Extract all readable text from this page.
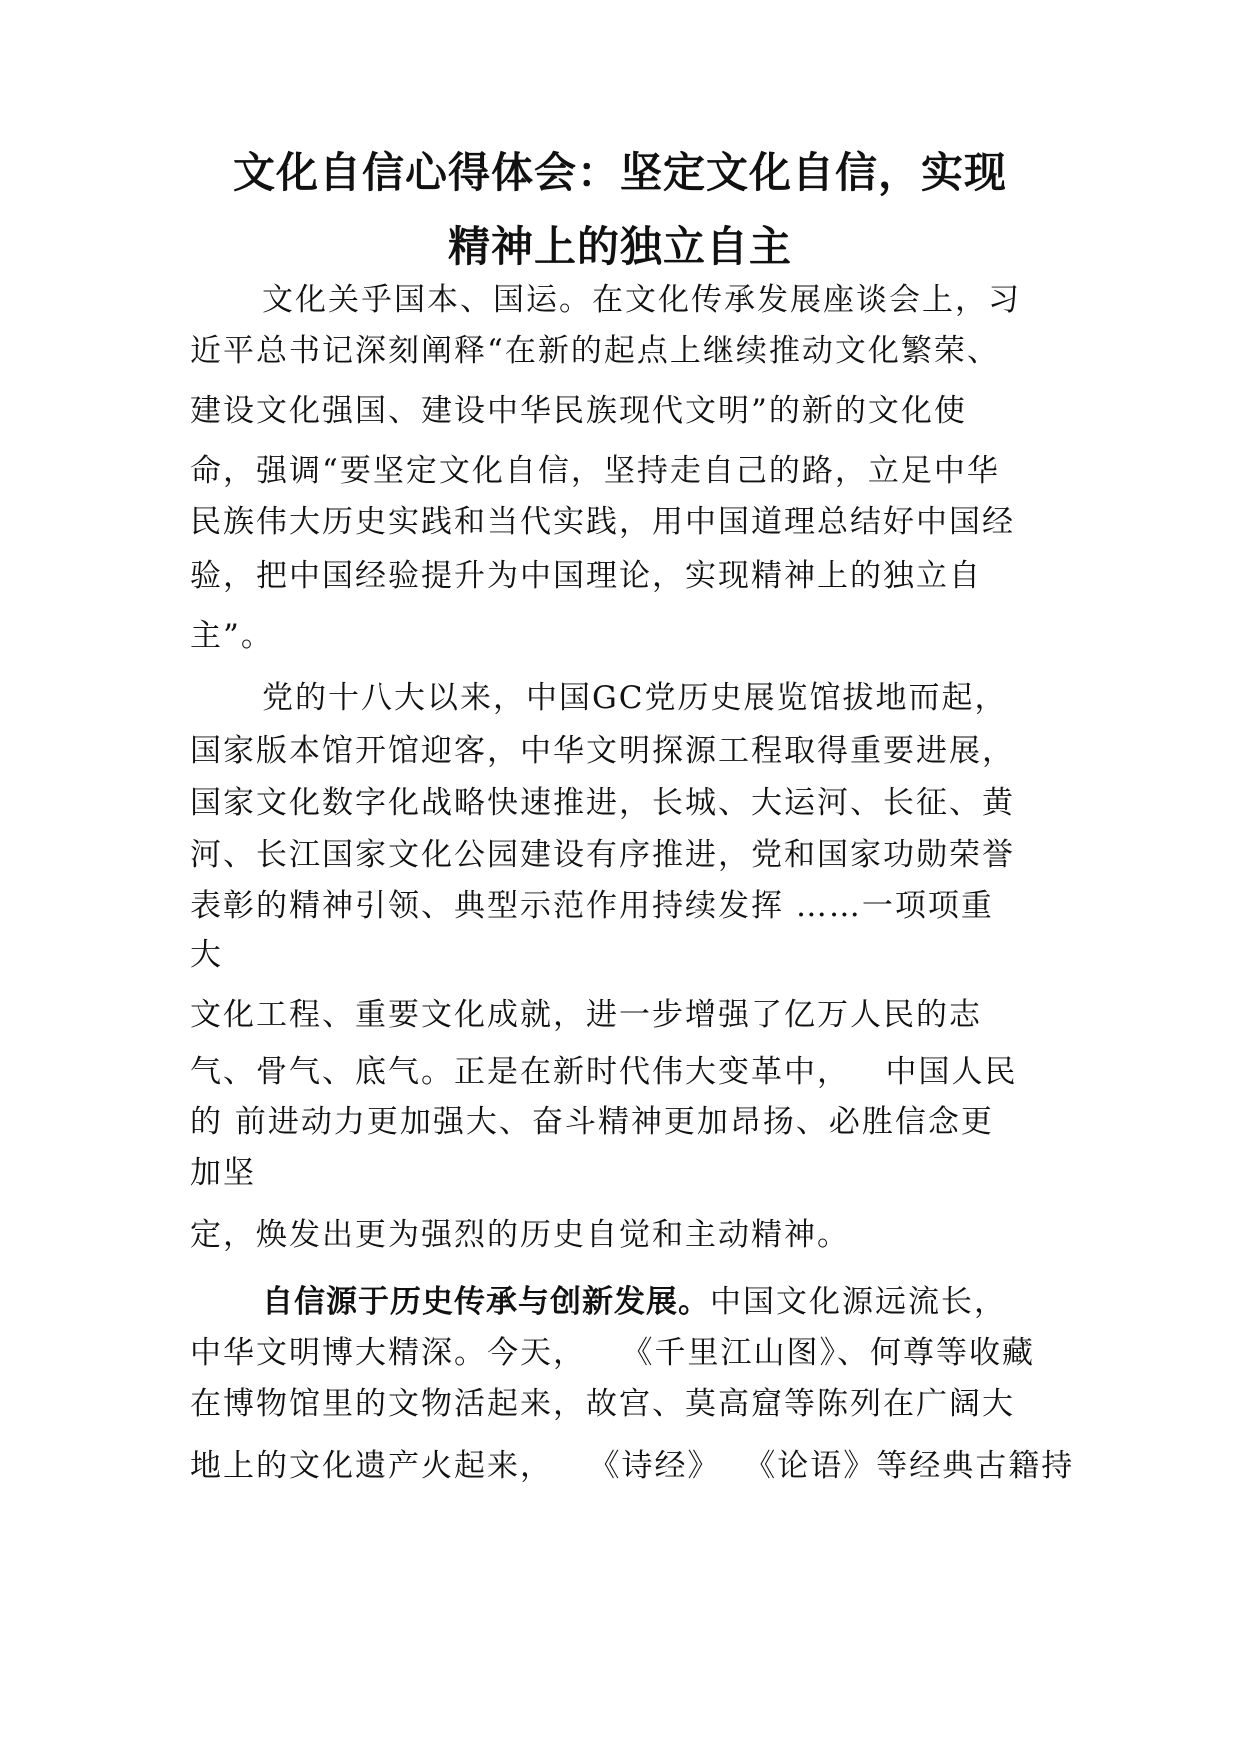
文化自信心得体会：坚定文化自信，实现
精神上的独立自主
文化关乎国本、国运。在文化传承发展座谈会上，习
近平总书记深刻阐释“在新的起点上继续推动文化繁荣、
建设文化强国、建设中华民族现代文明”的新的文化使
命，强调“要坚定文化自信，坚持走自己的路，立足中华
民族伟大历史实践和当代实践，用中国道理总结好中国经
验，把中国经验提升为中国理论，实现精神上的独立自
主”。
党的十八大以来，中国GC党历史展览馆拔地而起，
国家版本馆开馆迎客，中华文明探源工程取得重要进展，
国家文化数字化战略快速推进，长城、大运河、长征、黄
河、长江国家文化公园建设有序推进，党和国家功勋荣誉
表彰的精神引领、典型示范作用持续发挥 ……一项项重
大
文化工程、重要文化成就，进一步增强了亿万人民的志
气、骨气、底气。正是在新时代伟大变革中，   中国人民
的 前进动力更加强大、奋斗精神更加昂扬、必胜信念更
加坚
定，焕发出更为强烈的历史自觉和主动精神。
自信源于历史传承与创新发展。中国文化源远流长，
中华文明博大精深。今天，   《千里江山图》、何尊等收藏
在博物馆里的文物活起来，故宫、莫高窟等陈列在广阔大
地上的文化遗产火起来，   《诗经》  《论语》等经典古籍持
